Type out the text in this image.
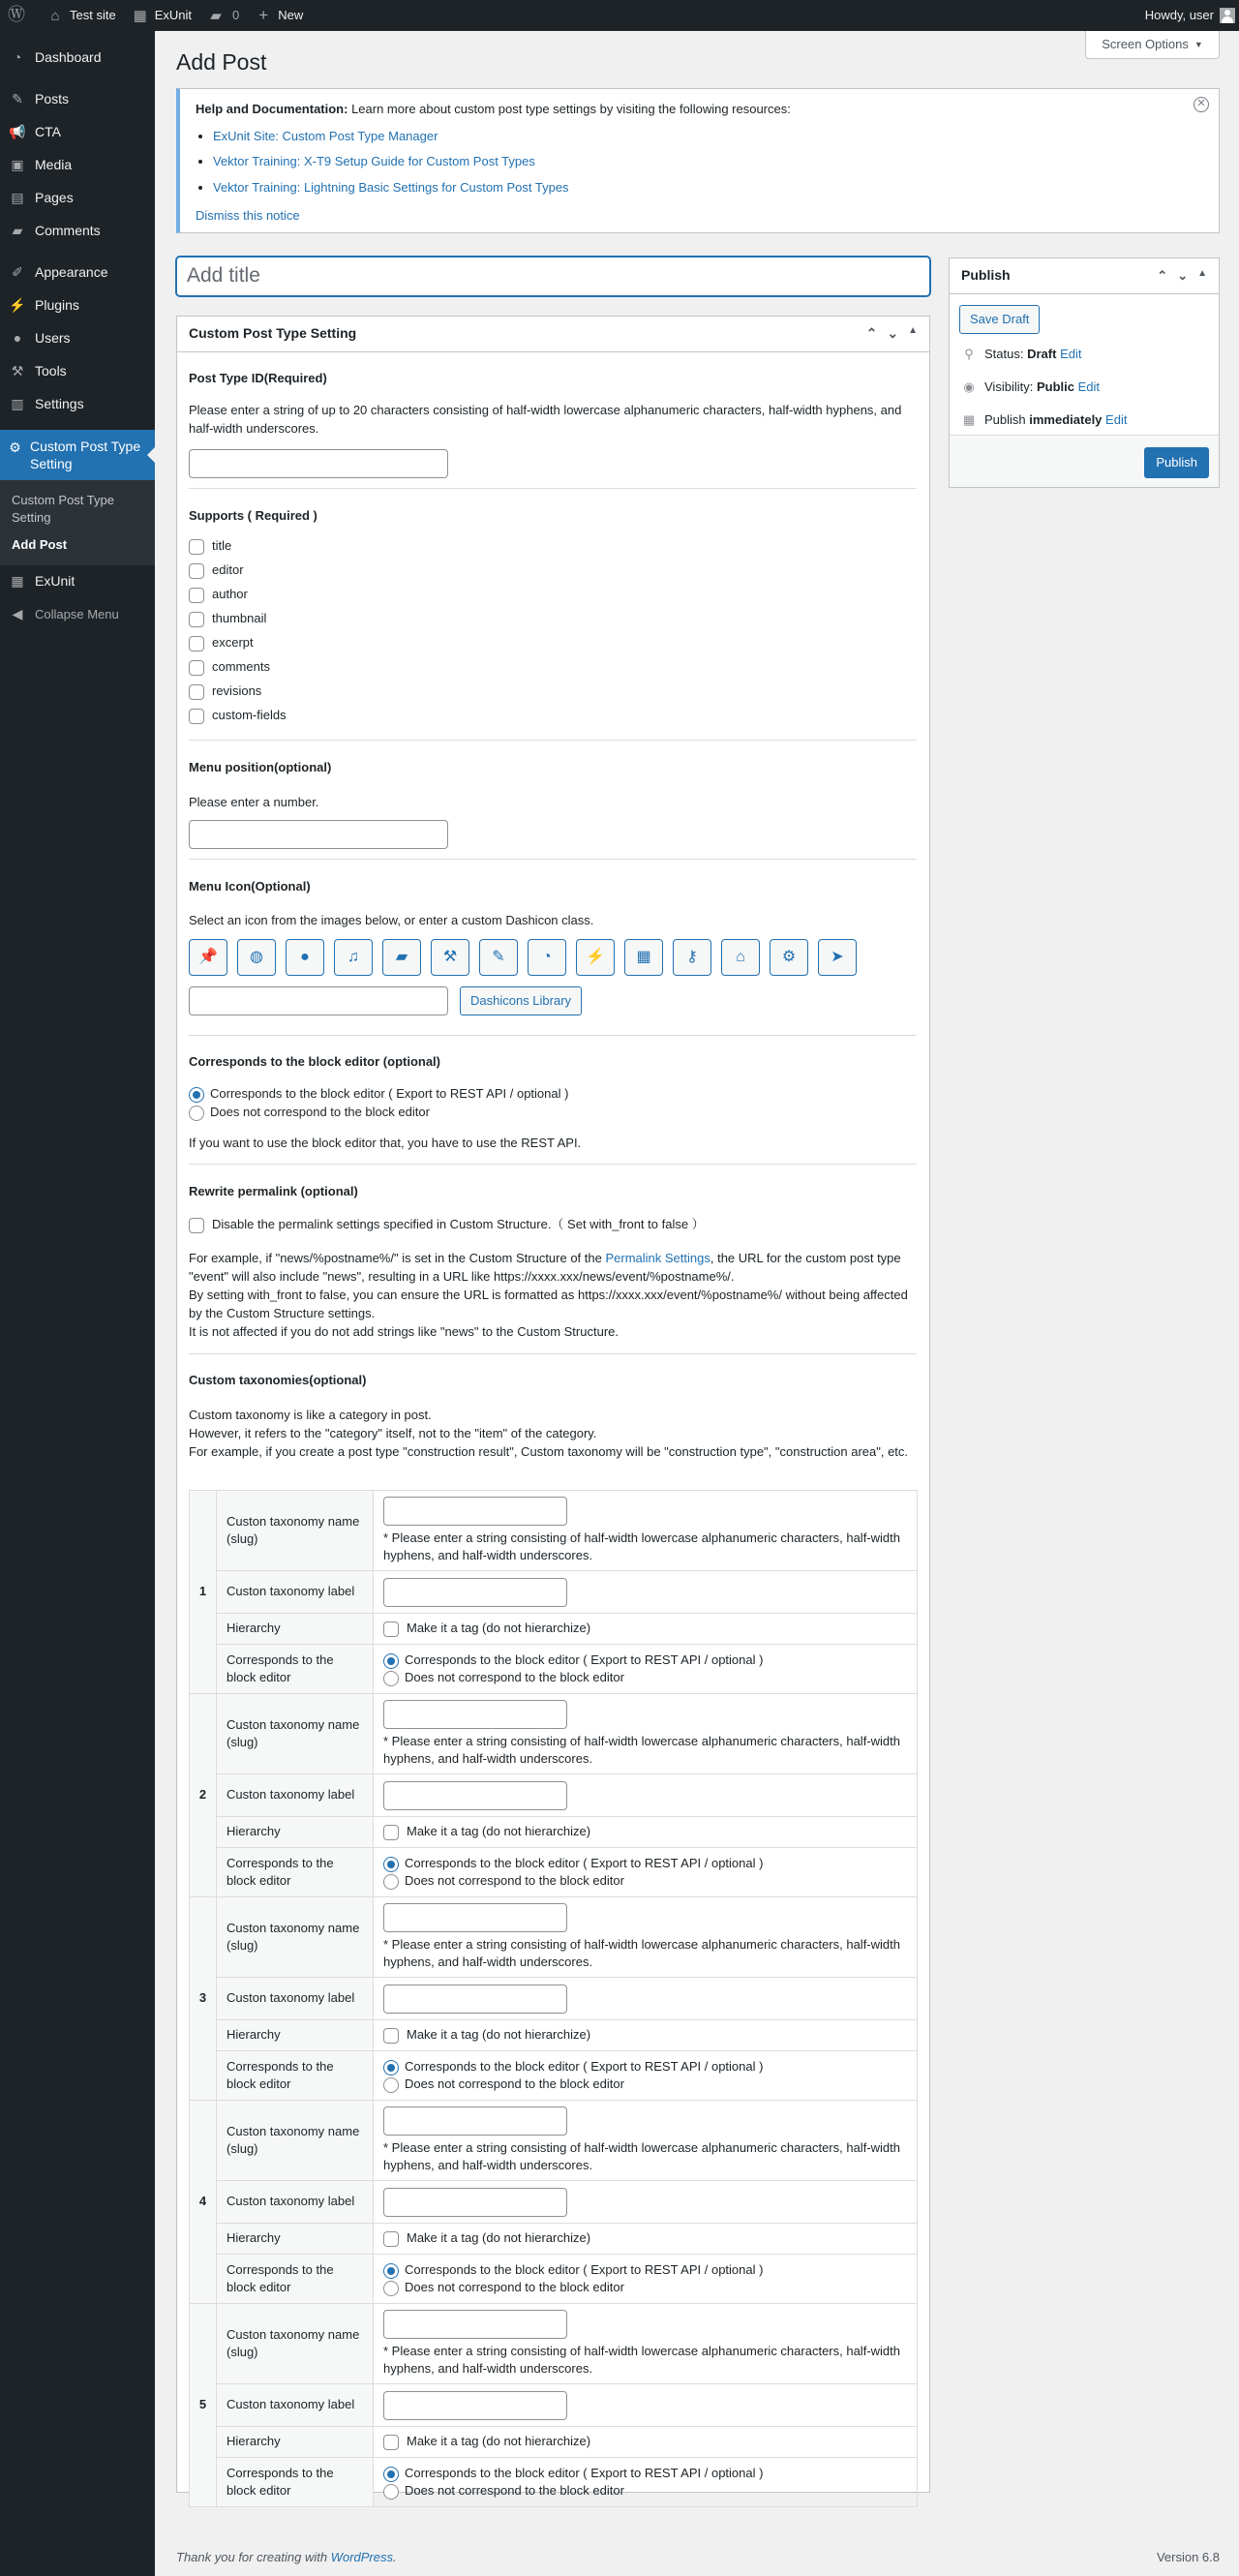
Ⓦ ⌂ Test site ▦ ExUnit ▰ 0 + New	Howdy, user
◔ Dashboard
✎ Posts
📢 CTA
▣ Media
▤ Pages
▰ Comments
✐ Appearance
⚡ Plugins
● Users
⚒ Tools
▥ Settings
⚙ Custom Post Type Setting
Custom Post Type Setting
Add Post
▦ ExUnit
◀ Collapse Menu
Screen Options ▼
Add Post

Help and Documentation: Learn more about custom post type settings by visiting the following resources:

• ExUnit Site: Custom Post Type Manager
• Vektor Training: X-T9 Setup Guide for Custom Post Types
• Vektor Training: Lightning Basic Settings for Custom Post Types
Dismiss this notice
✕
Add title
Custom Post Type Setting	⌃ ⌄ ▲
Post Type ID(Required)
Please enter a string of up to 20 characters consisting of half-width lowercase alphanumeric characters, half-width hyphens, and half-width underscores.
Supports ( Required )
title
editor
author
thumbnail
excerpt
comments
revisions
custom-fields
Menu position(optional)
Please enter a number.
Menu Icon(Optional)
Select an icon from the images below, or enter a custom Dashicon class.
📌	◍	●	♫	▰	⚒	✎	◔	⚡	▦	⚷	⌂	⚙	➤
Dashicons Library
Corresponds to the block editor (optional)
Corresponds to the block editor ( Export to REST API / optional )
Does not correspond to the block editor
If you want to use the block editor that, you have to use the REST API.
Rewrite permalink (optional)
Disable the permalink settings specified in Custom Structure.（ Set with_front to false ）
For example, if "news/%postname%/" is set in the Custom Structure of the Permalink Settings, the URL for the custom post type "event" will also include "news", resulting in a URL like https://xxxx.xxx/news/event/%postname%/.
By setting with_front to false, you can ensure the URL is formatted as https://xxxx.xxx/event/%postname%/ without being affected by the Custom Structure settings.
It is not affected if you do not add strings like "news" to the Custom Structure.
Custom taxonomies(optional)
Custom taxonomy is like a category in post.
However, it refers to the "category" itself, not to the "item" of the category.
For example, if you create a post type "construction result", Custom taxonomy will be "construction type", "construction area", etc.
1	Custon taxonomy name (slug)	* Please enter a string consisting of half-width lowercase alphanumeric characters, half-width hyphens, and half-width underscores.

	Custon taxonomy label	

	Hierarchy	Make it a tag (do not hierarchize)
	Corresponds to the block editor	Corresponds to the block editor ( Export to REST API / optional )
Does not correspond to the block editor

2	Custon taxonomy name (slug)	* Please enter a string consisting of half-width lowercase alphanumeric characters, half-width hyphens, and half-width underscores.

	Custon taxonomy label	

	Hierarchy	Make it a tag (do not hierarchize)
	Corresponds to the block editor	Corresponds to the block editor ( Export to REST API / optional )
Does not correspond to the block editor

3	Custon taxonomy name (slug)	* Please enter a string consisting of half-width lowercase alphanumeric characters, half-width hyphens, and half-width underscores.

	Custon taxonomy label	

	Hierarchy	Make it a tag (do not hierarchize)
	Corresponds to the block editor	Corresponds to the block editor ( Export to REST API / optional )
Does not correspond to the block editor

4	Custon taxonomy name (slug)	* Please enter a string consisting of half-width lowercase alphanumeric characters, half-width hyphens, and half-width underscores.

	Custon taxonomy label	

	Hierarchy	Make it a tag (do not hierarchize)
	Corresponds to the block editor	Corresponds to the block editor ( Export to REST API / optional )
Does not correspond to the block editor

5	Custon taxonomy name (slug)	* Please enter a string consisting of half-width lowercase alphanumeric characters, half-width hyphens, and half-width underscores.

	Custon taxonomy label	

	Hierarchy	Make it a tag (do not hierarchize)
	Corresponds to the block editor	Corresponds to the block editor ( Export to REST API / optional )
Does not correspond to the block editor
Publish	⌃ ⌄ ▲
Save Draft
⚲ Status:
Draft
Edit
◉ Visibility:
Public
Edit
▦ Publish
immediately
Edit
Publish
Thank you for creating with WordPress.	Version 6.8
